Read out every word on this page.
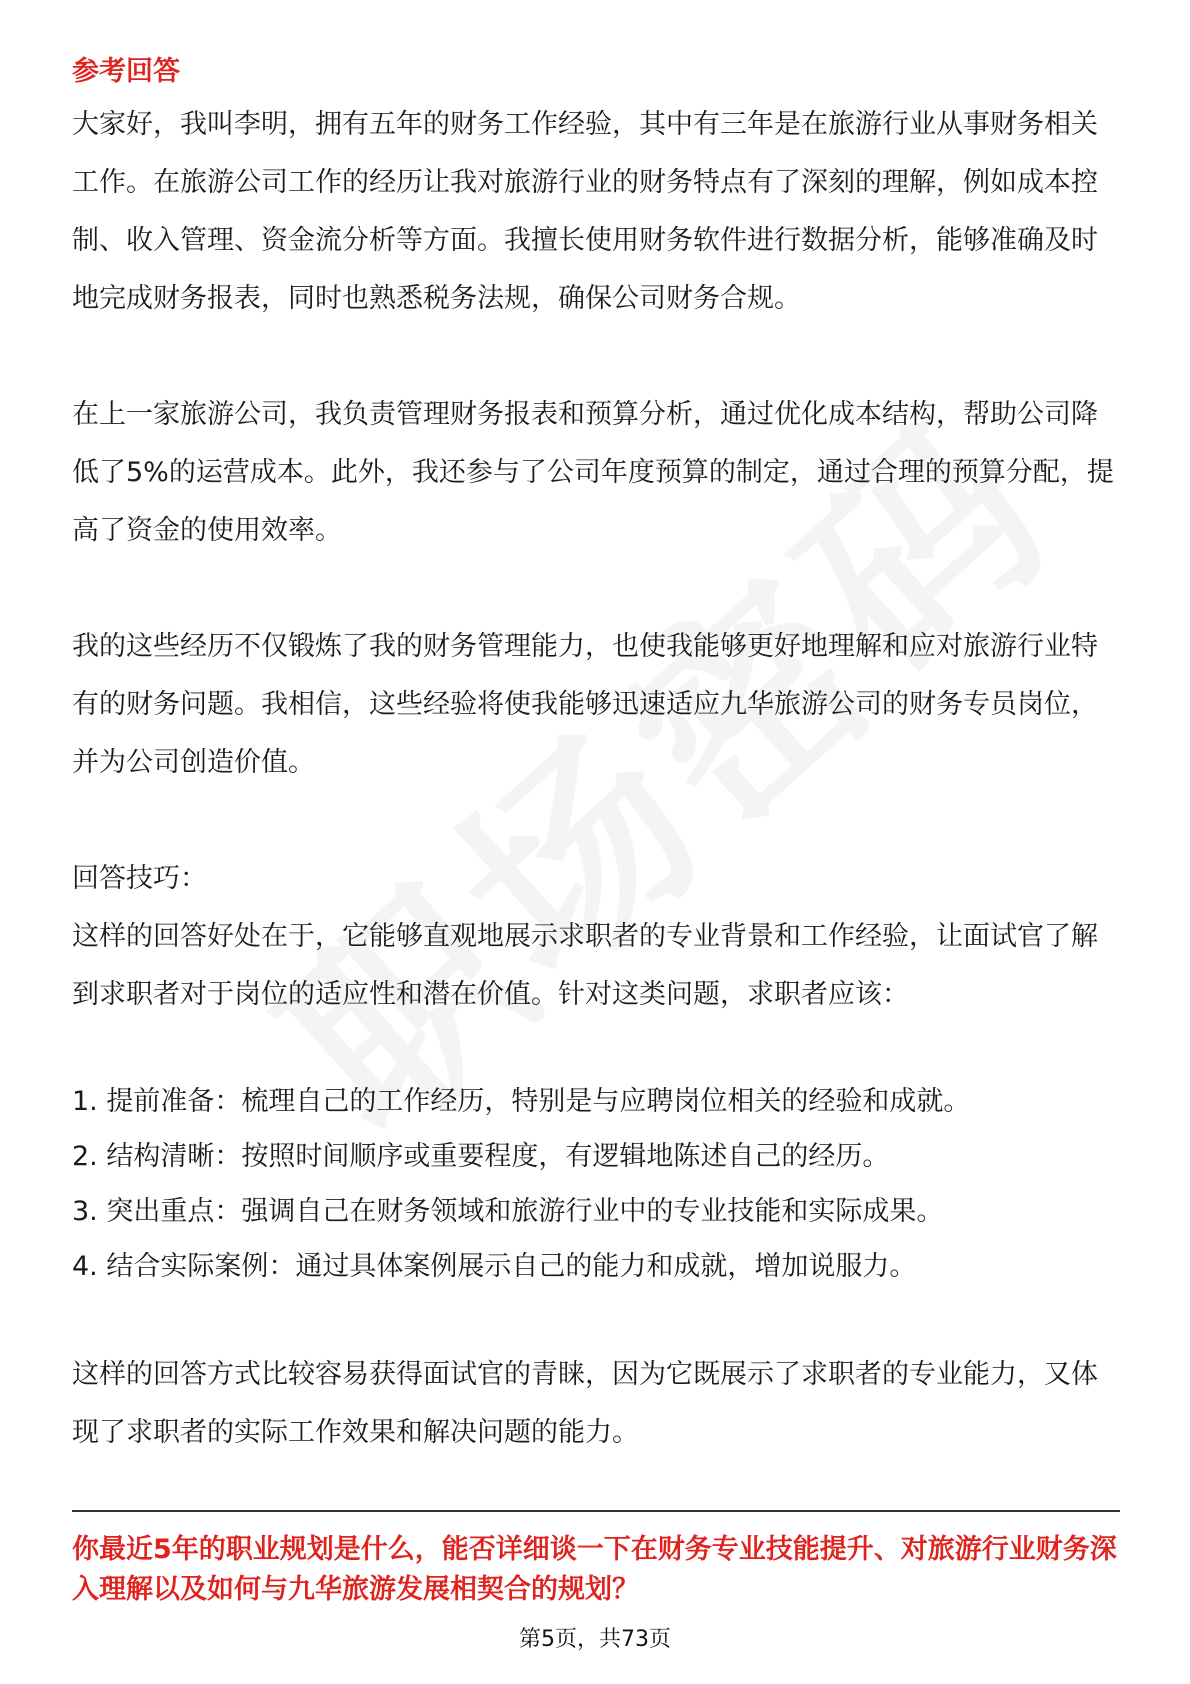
参考回答

大家好，我叫李明，拥有五年的财务工作经验，其中有三年是在旅游行业从事财务相关工作。在旅游公司工作的经历让我对旅游行业的财务特点有了深刻的理解，例如成本控制、收入管理、资金流分析等方面。我擅长使用财务软件进行数据分析，能够准确及时地完成财务报表，同时也熟悉税务法规，确保公司财务合规。

在上一家旅游公司，我负责管理财务报表和预算分析，通过优化成本结构，帮助公司降低了5%的运营成本。此外，我还参与了公司年度预算的制定，通过合理的预算分配，提高了资金的使用效率。

我的这些经历不仅锻炼了我的财务管理能力，也使我能够更好地理解和应对旅游行业特有的财务问题。我相信，这些经验将使我能够迅速适应九华旅游公司的财务专员岗位，并为公司创造价值。

回答技巧：

这样的回答好处在于，它能够直观地展示求职者的专业背景和工作经验，让面试官了解到求职者对于岗位的适应性和潜在价值。针对这类问题，求职者应该：

1. 提前准备：梳理自己的工作经历，特别是与应聘岗位相关的经验和成就。

2. 结构清晰：按照时间顺序或重要程度，有逻辑地陈述自己的经历。

3. 突出重点：强调自己在财务领域和旅游行业中的专业技能和实际成果。

4. 结合实际案例：通过具体案例展示自己的能力和成就，增加说服力。

这样的回答方式比较容易获得面试官的青睐，因为它既展示了求职者的专业能力，又体现了求职者的实际工作效果和解决问题的能力。

你最近5年的职业规划是什么，能否详细谈一下在财务专业技能提升、对旅游行业财务深入理解以及如何与九华旅游发展相契合的规划？

第5页，共73页
